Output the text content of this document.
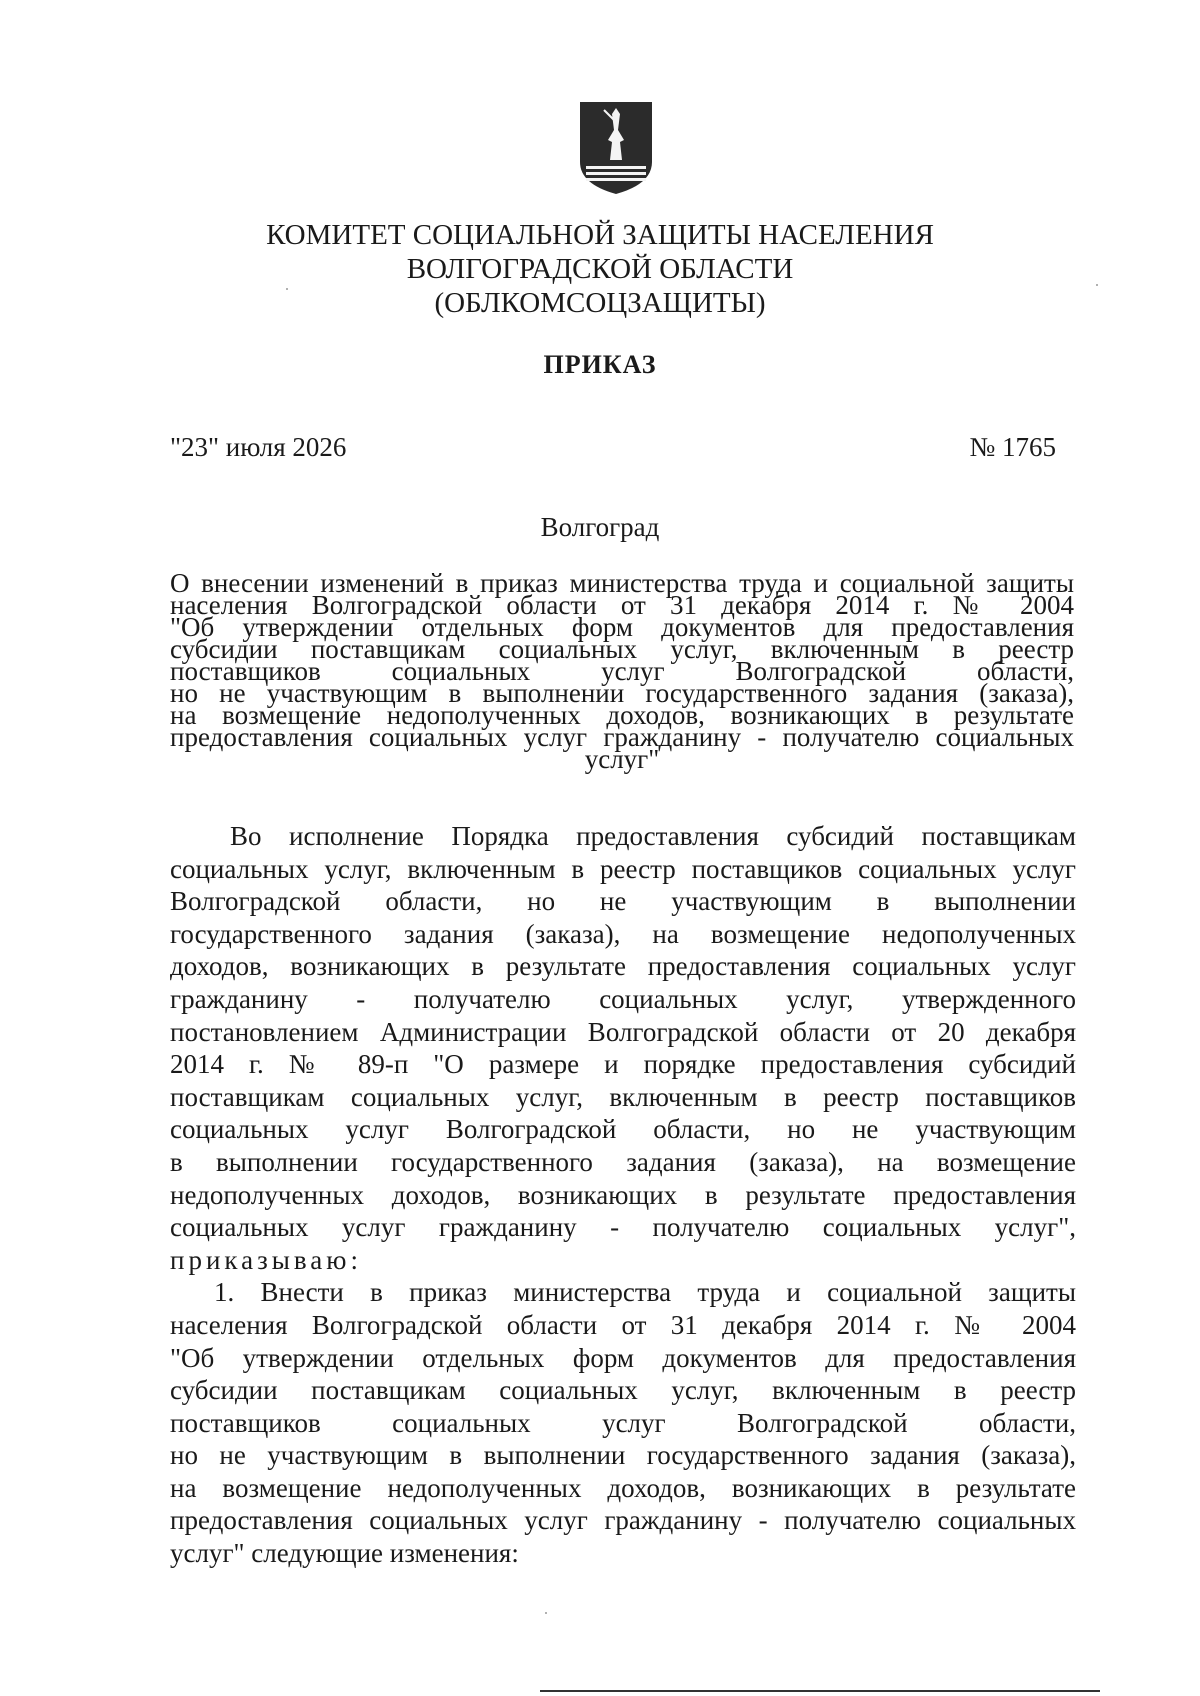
КОМИТЕТ СОЦИАЛЬНОЙ ЗАЩИТЫ НАСЕЛЕНИЯ
ВОЛГОГРАДСКОЙ ОБЛАСТИ
(ОБЛКОМСОЦЗАЩИТЫ)
ПРИКАЗ
"23" июля 2026	№ 1765
Волгоград
О внесении изменений в приказ министерства труда и социальной защиты
населения Волгоградской области от 31 декабря 2014 г. № 2004
"Об утверждении отдельных форм документов для предоставления
субсидии поставщикам социальных услуг, включенным в реестр
поставщиков социальных услуг Волгоградской области,
но не участвующим в выполнении государственного задания (заказа),
на возмещение недополученных доходов, возникающих в результате
предоставления социальных услуг гражданину - получателю социальных
услуг"
Во исполнение Порядка предоставления субсидий поставщикам
социальных услуг, включенным в реестр поставщиков социальных услуг
Волгоградской области, но не участвующим в выполнении
государственного задания (заказа), на возмещение недополученных
доходов, возникающих в результате предоставления социальных услуг
гражданину - получателю социальных услуг, утвержденного
постановлением Администрации Волгоградской области от 20 декабря
2014 г. № 89-п "О размере и порядке предоставления субсидий
поставщикам социальных услуг, включенным в реестр поставщиков
социальных услуг Волгоградской области, но не участвующим
в выполнении государственного задания (заказа), на возмещение
недополученных доходов, возникающих в результате предоставления
социальных услуг гражданину - получателю социальных услуг",
приказываю:
1. Внести в приказ министерства труда и социальной защиты
населения Волгоградской области от 31 декабря 2014 г. № 2004
"Об утверждении отдельных форм документов для предоставления
субсидии поставщикам социальных услуг, включенным в реестр
поставщиков социальных услуг Волгоградской области,
но не участвующим в выполнении государственного задания (заказа),
на возмещение недополученных доходов, возникающих в результате
предоставления социальных услуг гражданину - получателю социальных
услуг" следующие изменения:
